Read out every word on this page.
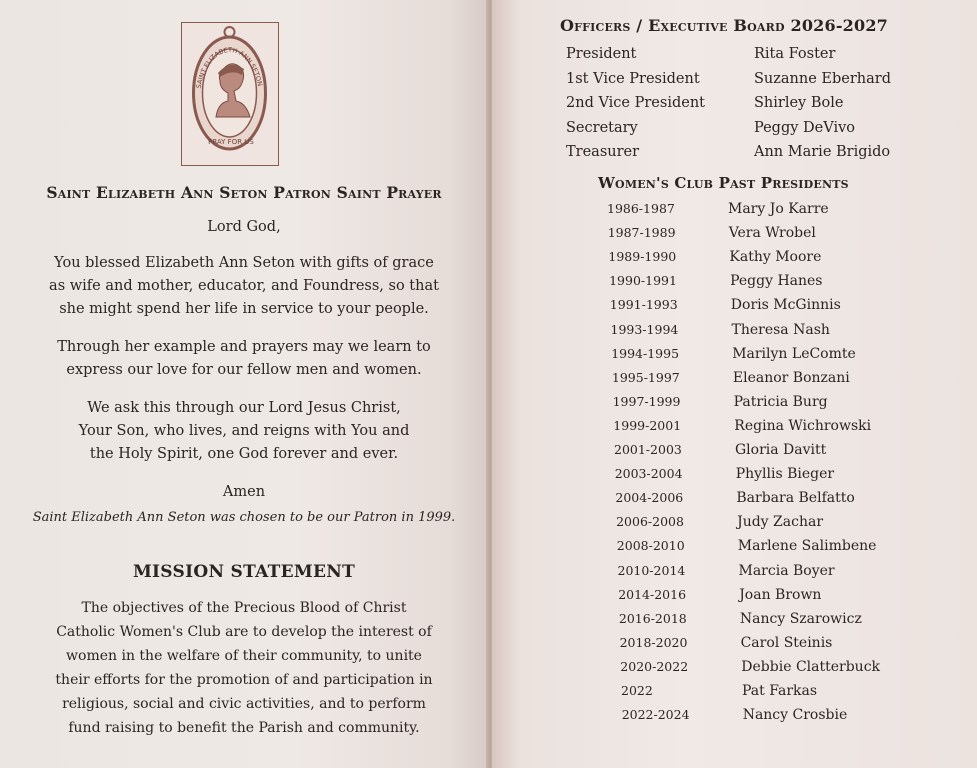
SAINT ELIZABETH ANN SETON
PRAY FOR US
Saint Elizabeth Ann Seton Patron Saint Prayer
Lord God,
You blessed Elizabeth Ann Seton with gifts of grace
as wife and mother, educator, and Foundress, so that
she might spend her life in service to your people.
Through her example and prayers may we learn to
express our love for our fellow men and women.
We ask this through our Lord Jesus Christ,
Your Son, who lives, and reigns with You and
the Holy Spirit, one God forever and ever.
Amen
Saint Elizabeth Ann Seton was chosen to be our Patron in 1999.
MISSION STATEMENT
The objectives of the Precious Blood of Christ
Catholic Women's Club are to develop the interest of
women in the welfare of their community, to unite
their efforts for the promotion of and participation in
religious, social and civic activities, and to perform
fund raising to benefit the Parish and community.
Officers / Executive Board 2026-2027
President	Rita Foster
1st Vice President	Suzanne Eberhard
2nd Vice President	Shirley Bole
Secretary	Peggy DeVivo
Treasurer	Ann Marie Brigido
Women's Club Past Presidents
1986-1987	Mary Jo Karre
1987-1989	Vera Wrobel
1989-1990	Kathy Moore
1990-1991	Peggy Hanes
1991-1993	Doris McGinnis
1993-1994	Theresa Nash
1994-1995	Marilyn LeComte
1995-1997	Eleanor Bonzani
1997-1999	Patricia Burg
1999-2001	Regina Wichrowski
2001-2003	Gloria Davitt
2003-2004	Phyllis Bieger
2004-2006	Barbara Belfatto
2006-2008	Judy Zachar
2008-2010	Marlene Salimbene
2010-2014	Marcia Boyer
2014-2016	Joan Brown
2016-2018	Nancy Szarowicz
2018-2020	Carol Steinis
2020-2022	Debbie Clatterbuck
2022	Pat Farkas
2022-2024	Nancy Crosbie
